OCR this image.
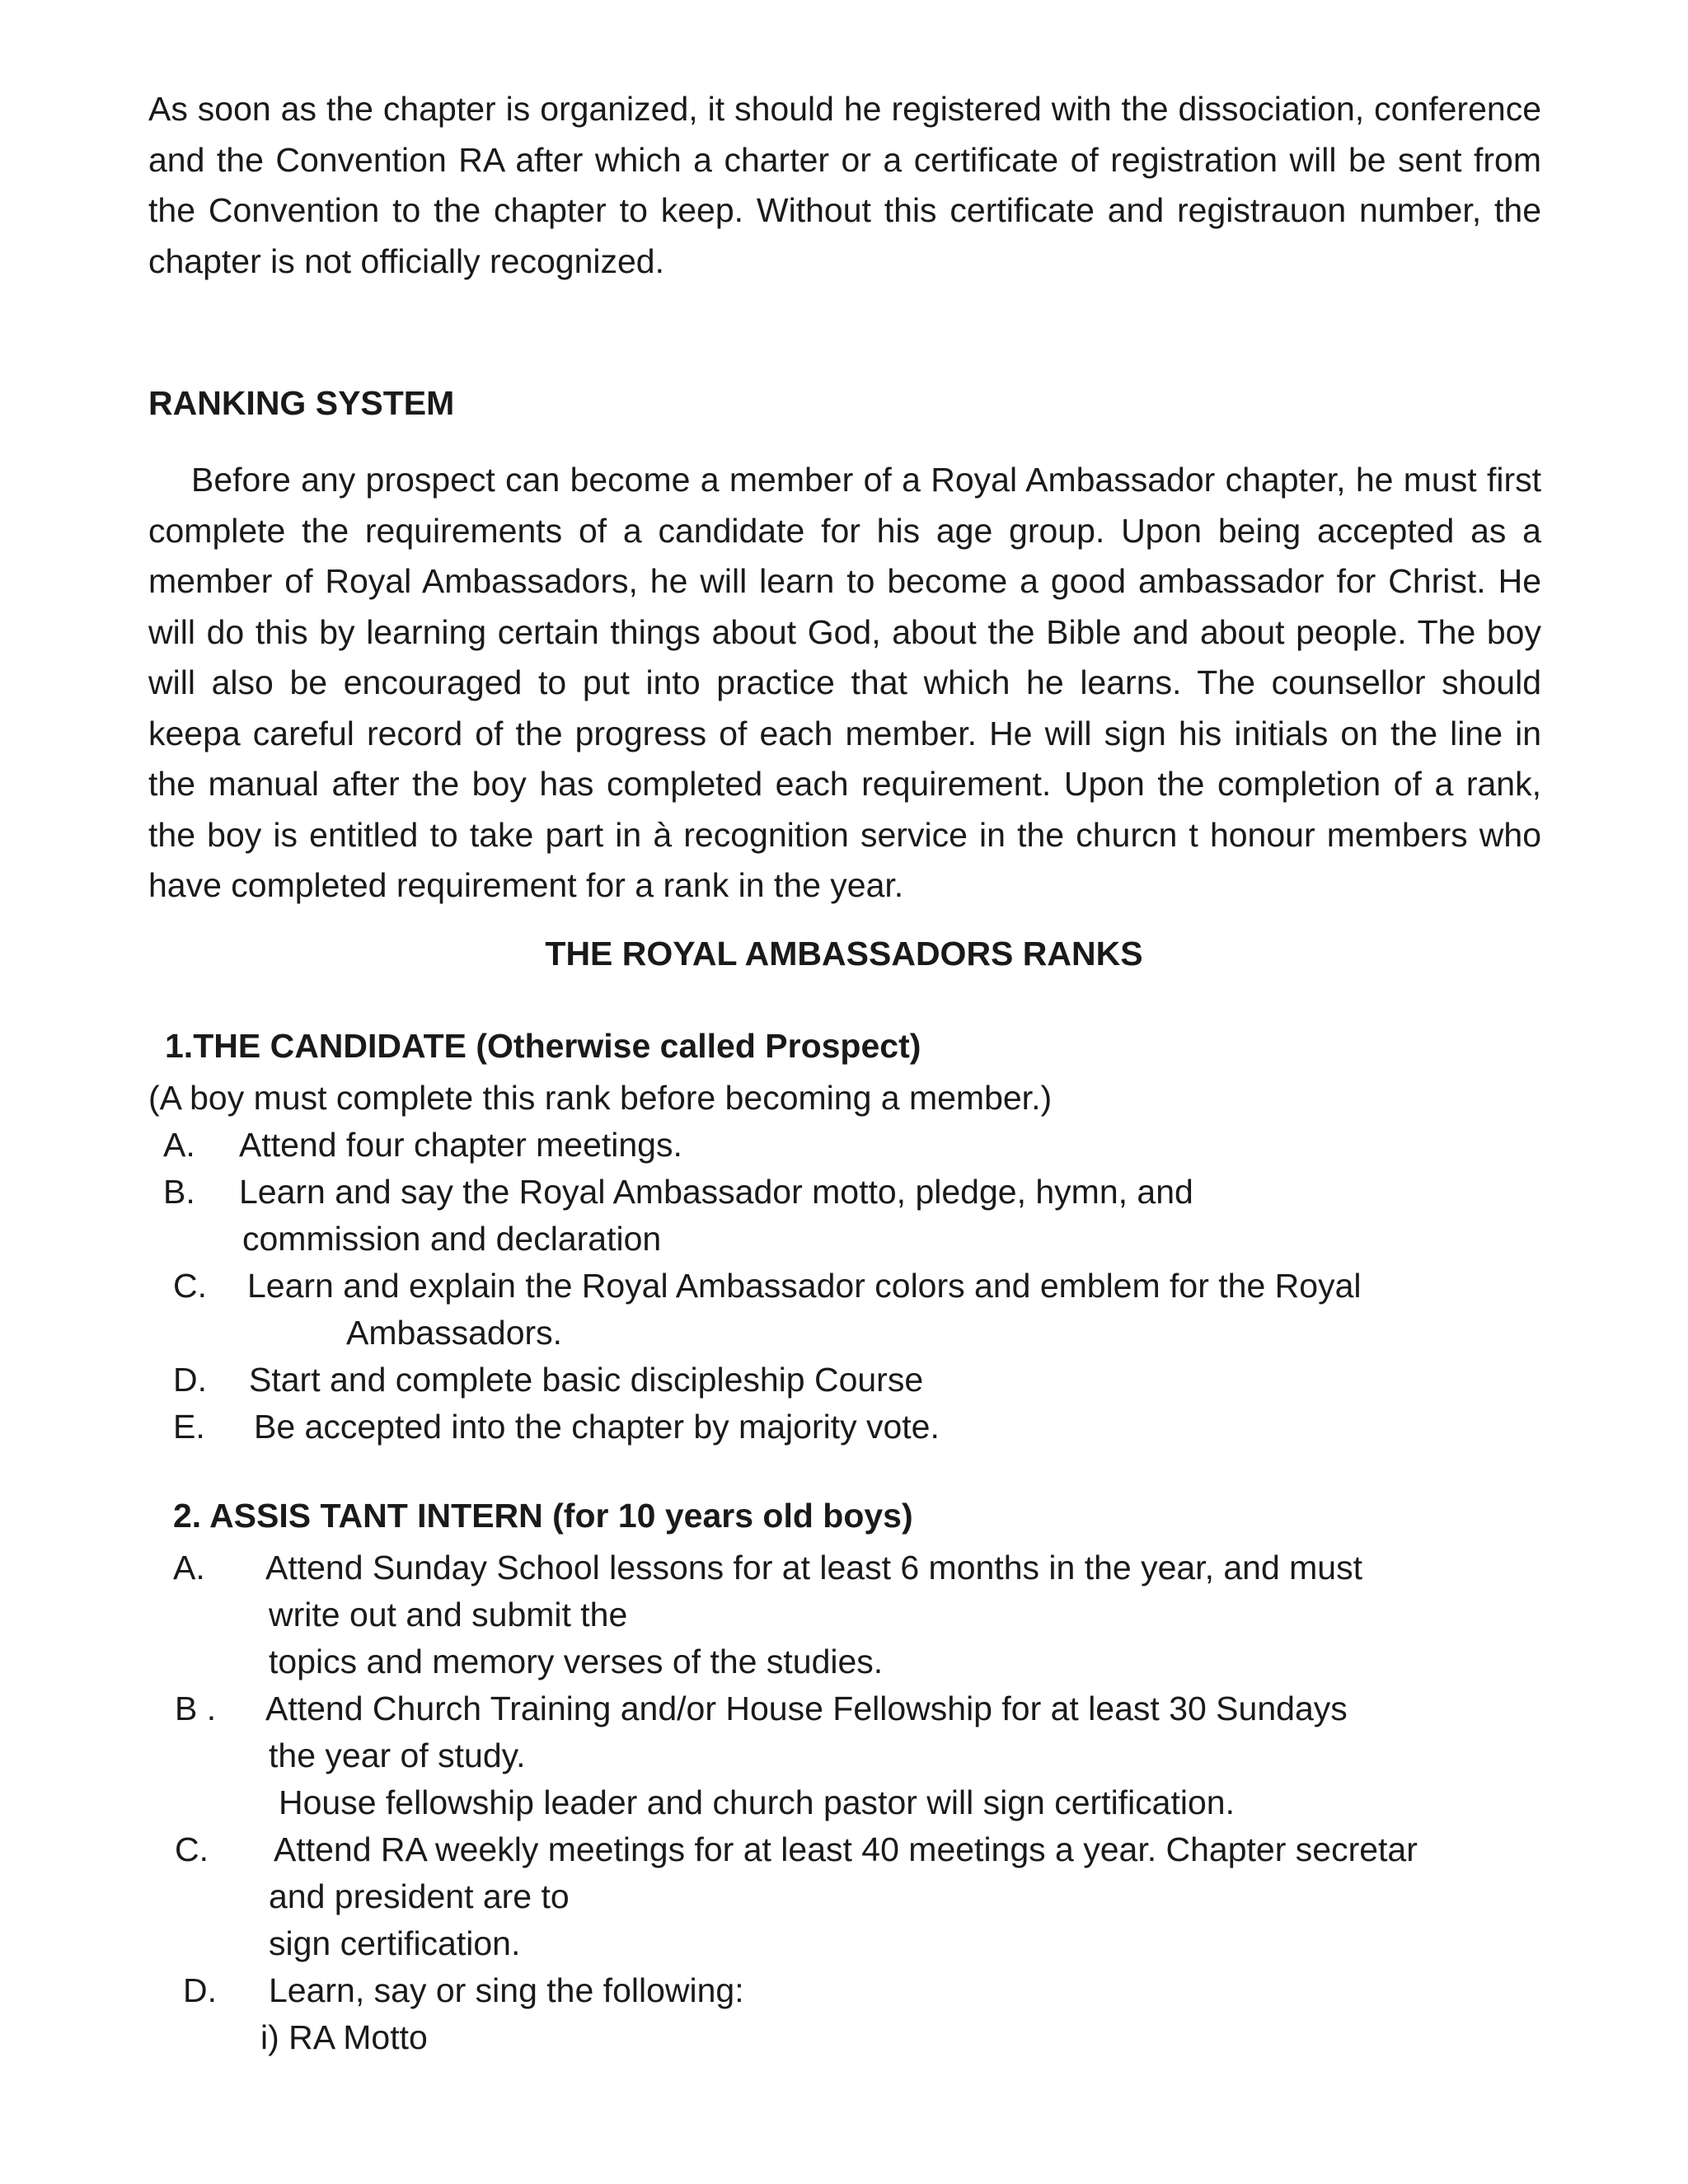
As soon as the chapter is organized, it should he registered with the dissociation, conference and the Convention RA after which a charter or a certificate of registration will be sent from the Convention to the chapter to keep. Without this certificate and registrauon number, the chapter is not officially recognized.

RANKING SYSTEM

Before any prospect can become a member of a Royal Ambassador chapter, he must first complete the requirements of a candidate for his age group. Upon being accepted as a member of Royal Ambassadors, he will learn to become a good ambassador for Christ. He will do this by learning certain things about God, about the Bible and about people. The boy will also be encouraged to put into practice that which he learns. The counsellor should keepa careful record of the progress of each member. He will sign his initials on the line in the manual after the boy has completed each requirement. Upon the completion of a rank, the boy is entitled to take part in à recognition service in the churcn t honour members who have completed requirement for a rank in the year.

THE ROYAL AMBASSADORS RANKS
1.THE CANDIDATE (Otherwise called Prospect)

(A boy must complete this rank before becoming a member.)

A. Attend four chapter meetings.
B. Learn and say the Royal Ambassador motto, pledge, hymn, and
commission and declaration
C. Learn and explain the Royal Ambassador colors and emblem for the Royal
Ambassadors.
D. Start and complete basic discipleship Course
E. Be accepted into the chapter by majority vote.
2. ASSIS TANT INTERN (for 10 years old boys)
A. Attend Sunday School lessons for at least 6 months in the year, and must
write out and submit the
topics and memory verses of the studies.
B . Attend Church Training and/or House Fellowship for at least 30 Sundays
the year of study.
House fellowship leader and church pastor will sign certification.
C. Attend RA weekly meetings for at least 40 meetings a year. Chapter secretar
and president are to
sign certification.
D. Learn, say or sing the following:
i) RA Motto
